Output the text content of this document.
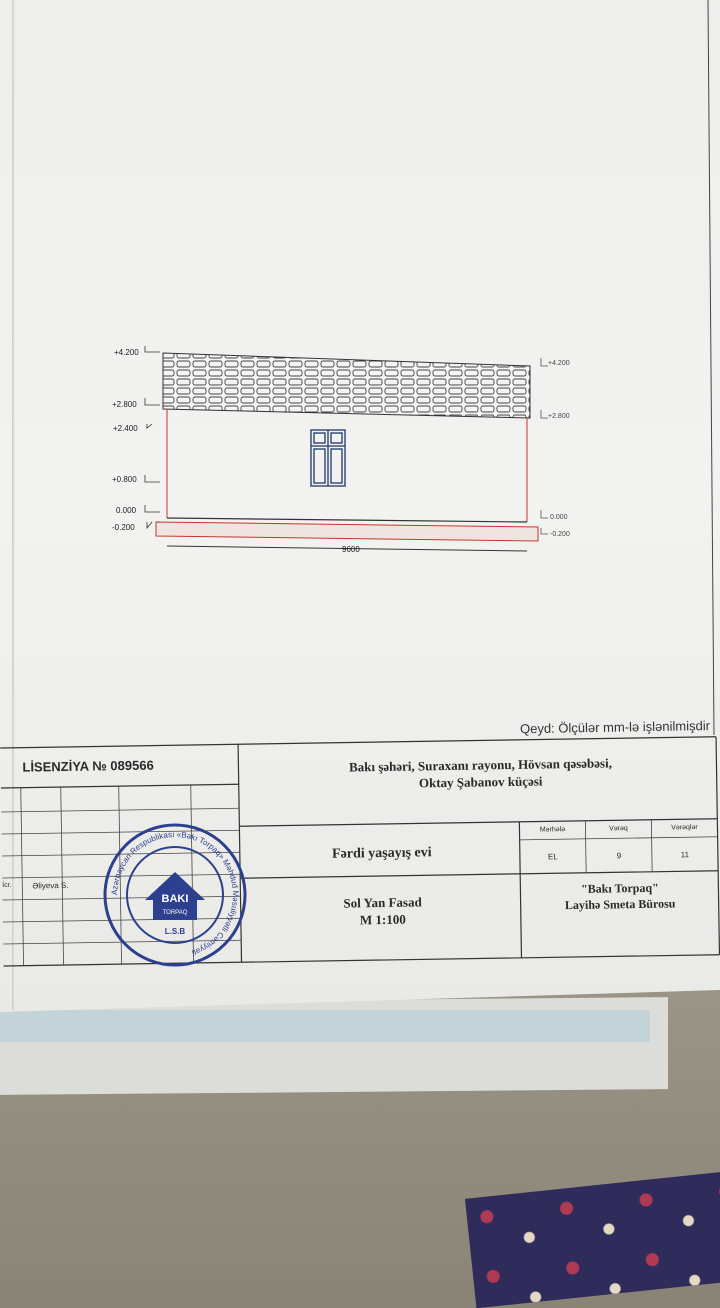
9600
+4.200
+2.800
+2.400
+0.800
0.000
-0.200
+4.200
+2.800
0.000
-0.200
Qeyd: Ölçülər mm-lə işlənilmişdir
LİSENZİYA № 089566	Bakı şəhəri, Suraxanı rayonu, Hövsan qəsəbəsi,
Oktay Şabanov küçəsi
Fərdi yaşayış evi
Sol Yan Fasad
M 1:100
Mərhələ	Vərəq	Vərəqlər
EL	9	11
"Bakı Torpaq"
Layihə Smeta Bürosu
İcr.	Əliyeva S.
Azərbaycan Respublikası «Bakı Torpaq» Məhdud Məsuliyyətli Cəmiyyəti
BAKI
TORPAQ
L.S.B
